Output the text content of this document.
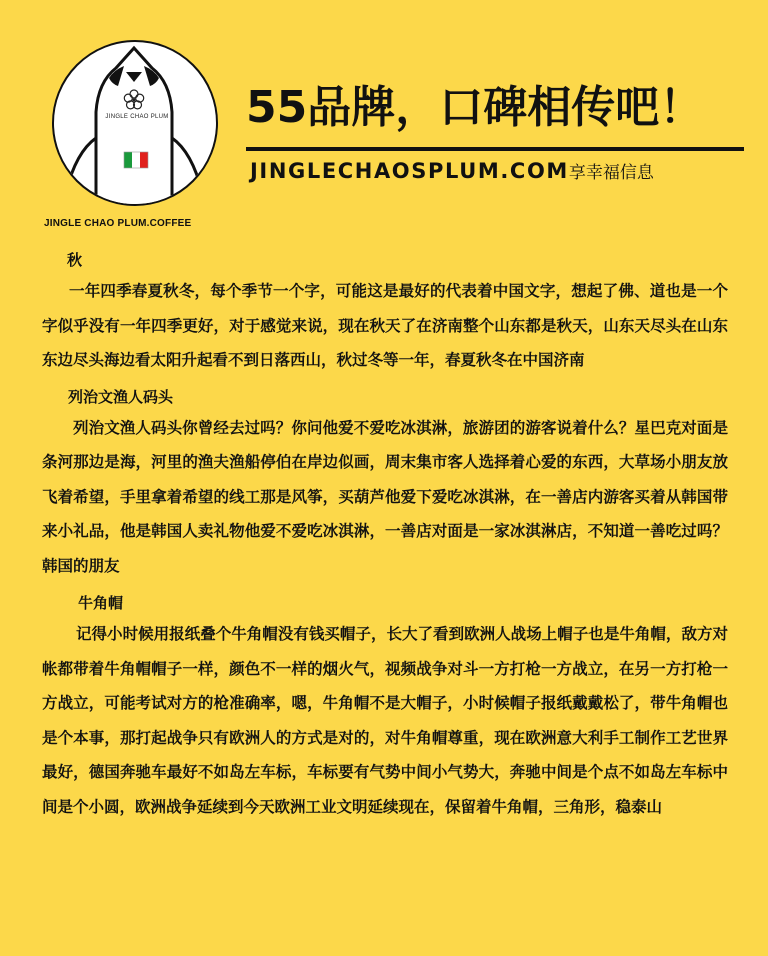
JINGLE CHAO PLUM
JINGLE CHAO PLUM.COFFEE
55品牌，口碑相传吧！
JINGLECHAOSPLUM.COM享幸福信息
秋

一年四季春夏秋冬，每个季节一个字，可能这是最好的代表着中国文字，想起了佛、道也是一个字似乎没有一年四季更好，对于感觉来说，现在秋天了在济南整个山东都是秋天，山东天尽头在山东东边尽头海边看太阳升起看不到日落西山，秋过冬等一年，春夏秋冬在中国济南

列治文渔人码头

列治文渔人码头你曾经去过吗？你问他爱不爱吃冰淇淋，旅游团的游客说着什么？星巴克对面是条河那边是海，河里的渔夫渔船停伯在岸边似画，周末集市客人选择着心爱的东西，大草场小朋友放飞着希望，手里拿着希望的线工那是风筝，买葫芦他爱下爱吃冰淇淋，在一善店内游客买着从韩国带来小礼品，他是韩国人卖礼物他爱不爱吃冰淇淋，一善店对面是一家冰淇淋店，不知道一善吃过吗？韩国的朋友

牛角帽

记得小时候用报纸叠个牛角帽没有钱买帽子，长大了看到欧洲人战场上帽子也是牛角帽，敌方对帐都带着牛角帽帽子一样，颜色不一样的烟火气，视频战争对斗一方打枪一方战立，在另一方打枪一方战立，可能考试对方的枪准确率，嗯，牛角帽不是大帽子，小时候帽子报纸戴戴松了，带牛角帽也是个本事，那打起战争只有欧洲人的方式是对的，对牛角帽尊重，现在欧洲意大利手工制作工艺世界最好，德国奔驰车最好不如岛左车标，车标要有气势中间小气势大，奔驰中间是个点不如岛左车标中间是个小圆，欧洲战争延续到今天欧洲工业文明延续现在，保留着牛角帽，三角形，稳泰山
